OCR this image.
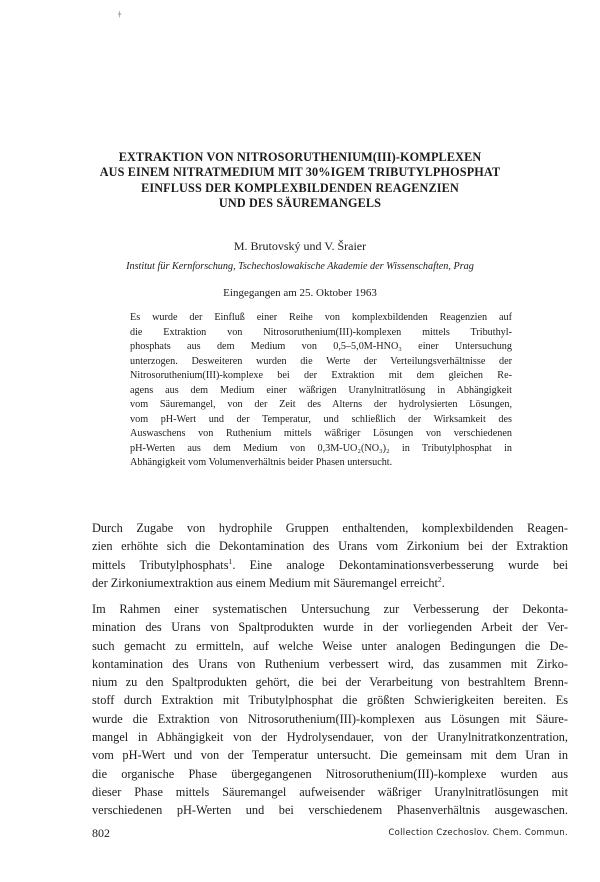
ǂ
EXTRAKTION VON NITROSORUTHENIUM(III)-KOMPLEXEN
AUS EINEM NITRATMEDIUM MIT 30%IGEM TRIBUTYLPHOSPHAT
EINFLUSS DER KOMPLEXBILDENDEN REAGENZIEN
UND DES SÄUREMANGELS
M. Brutovský und V. Šraier
Institut für Kernforschung, Tschechoslowakische Akademie der Wissenschaften, Prag
Eingegangen am 25. Oktober 1963
Es wurde der Einfluß einer Reihe von komplexbildenden Reagenzien auf
die Extraktion von Nitrosoruthenium(III)-komplexen mittels Tributhyl-
phosphats aus dem Medium von 0,5–5,0M-HNO₃ einer Untersuchung
unterzogen. Desweiteren wurden die Werte der Verteilungsverhältnisse der
Nitrosoruthenium(III)-komplexe bei der Extraktion mit dem gleichen Re-
agens aus dem Medium einer wäßrigen Uranylnitratlösung in Abhängigkeit
vom Säuremangel, von der Zeit des Alterns der hydrolysierten Lösungen,
vom pH-Wert und der Temperatur, und schließlich der Wirksamkeit des
Auswaschens von Ruthenium mittels wäßriger Lösungen von verschiedenen
pH-Werten aus dem Medium von 0,3M-UO₂(NO₃)₂ in Tributylphosphat in
Abhängigkeit vom Volumenverhältnis beider Phasen untersucht.
Durch Zugabe von hydrophile Gruppen enthaltenden, komplexbildenden Reagen-
zien erhöhte sich die Dekontamination des Urans vom Zirkonium bei der Extraktion
mittels Tributylphosphats$^1$. Eine analoge Dekontaminationsverbesserung wurde bei
der Zirkoniumextraktion aus einem Medium mit Säuremangel erreicht$^2$.
Im Rahmen einer systematischen Untersuchung zur Verbesserung der Dekonta-
mination des Urans von Spaltprodukten wurde in der vorliegenden Arbeit der Ver-
such gemacht zu ermitteln, auf welche Weise unter analogen Bedingungen die De-
kontamination des Urans von Ruthenium verbessert wird, das zusammen mit Zirko-
nium zu den Spaltprodukten gehört, die bei der Verarbeitung von bestrahltem Brenn-
stoff durch Extraktion mit Tributylphosphat die größten Schwierigkeiten bereiten. Es
wurde die Extraktion von Nitrosoruthenium(III)-komplexen aus Lösungen mit Säure-
mangel in Abhängigkeit von der Hydrolysendauer, von der Uranylnitratkonzentration,
vom pH-Wert und von der Temperatur untersucht. Die gemeinsam mit dem Uran in
die organische Phase übergegangenen Nitrosoruthenium(III)-komplexe wurden aus
dieser Phase mittels Säuremangel aufweisender wäßriger Uranylnitratlösungen mit
verschiedenen pH-Werten und bei verschiedenem Phasenverhältnis ausgewaschen.
802	Collection Czechoslov. Chem. Commun.
